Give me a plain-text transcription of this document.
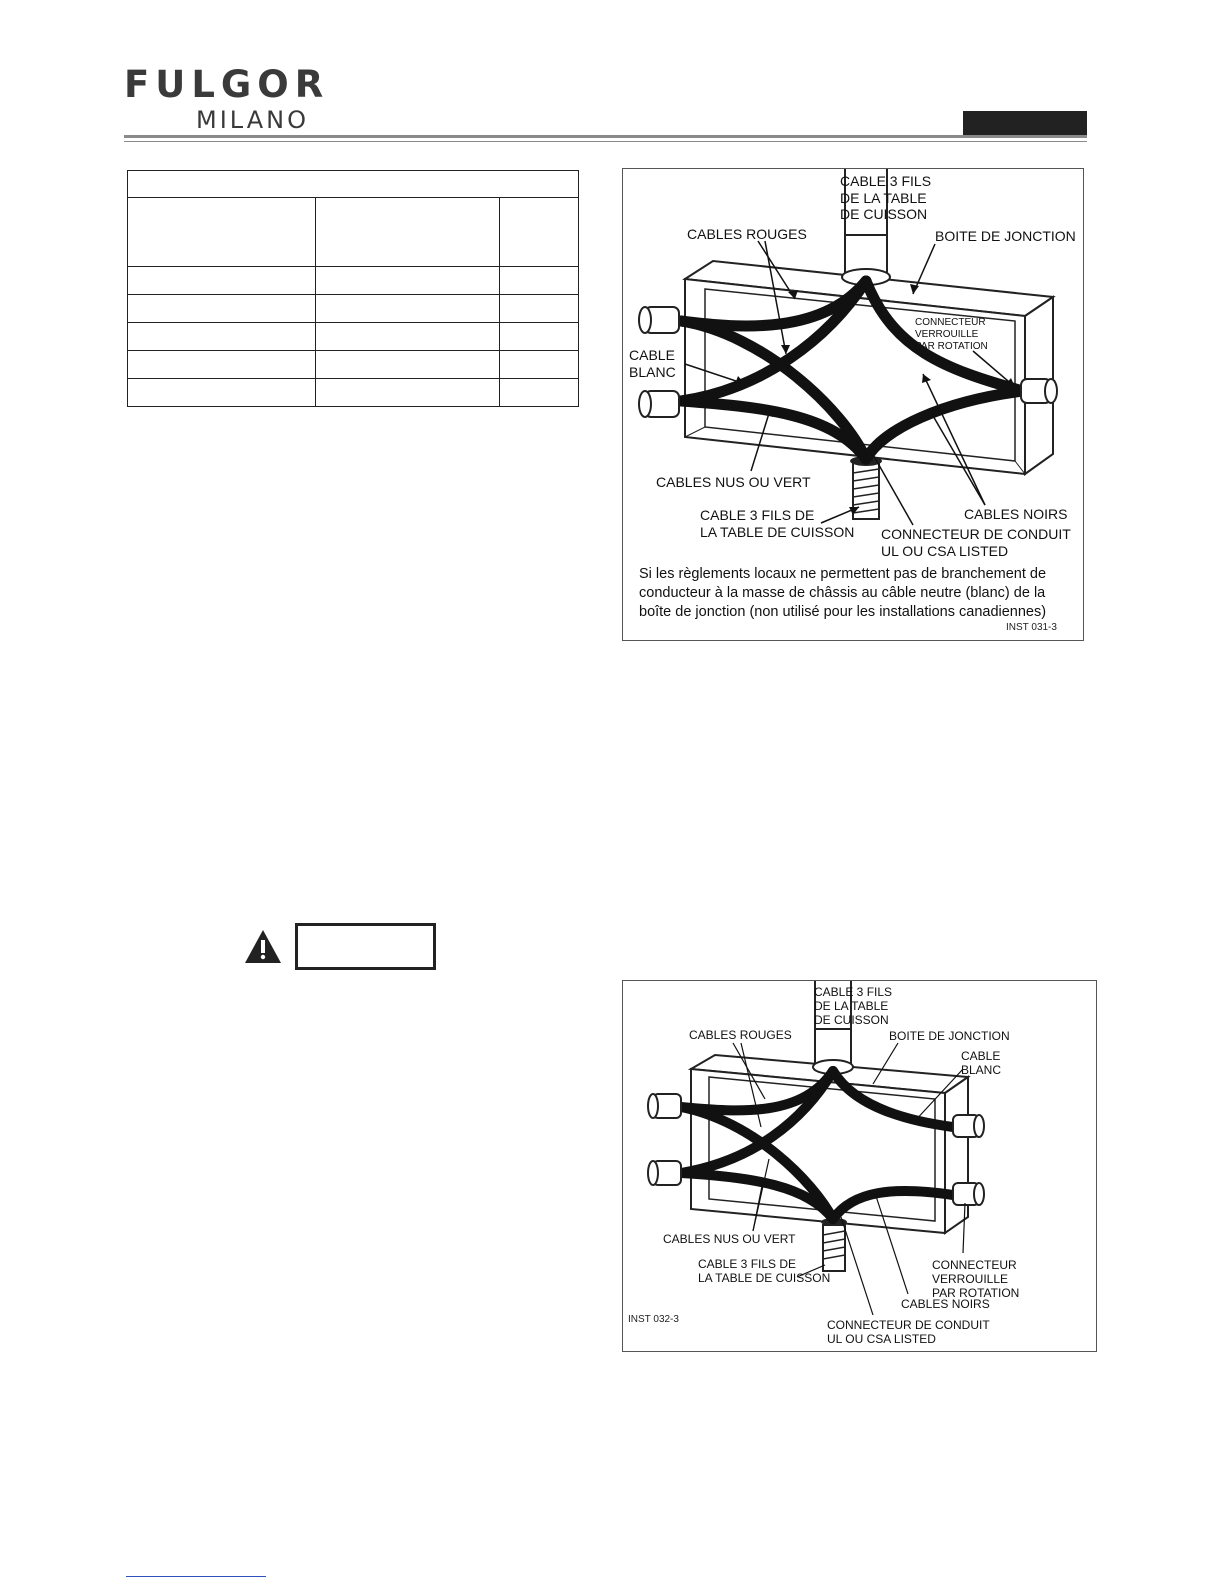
FULGOR
MILANO

CABLE 3 FILS
DE LA TABLE
DE CUISSON
CABLES ROUGES	BOITE DE JONCTION
CONNECTEUR
VERROUILLE
PAR ROTATION
CABLE
BLANC
CABLES NUS OU VERT
CABLE 3 FILS DE
LA TABLE DE CUISSON
CABLES NOIRS
CONNECTEUR DE CONDUIT
UL OU CSA LISTED
Si les règlements locaux ne permettent pas de branchement de conducteur à la masse de châssis au câble neutre (blanc) de la boîte de jonction (non utilisé pour les installations canadiennes)
INST 031-3
CABLE 3 FILS
DE LA TABLE
DE CUISSON
CABLES ROUGES	BOITE DE JONCTION
CABLE
BLANC
CABLES NUS OU VERT
CABLE 3 FILS DE
LA TABLE DE CUISSON
CONNECTEUR VERROUILLE
PAR ROTATION
CABLES NOIRS
CONNECTEUR DE CONDUIT
UL OU CSA LISTED
INST 032-3
